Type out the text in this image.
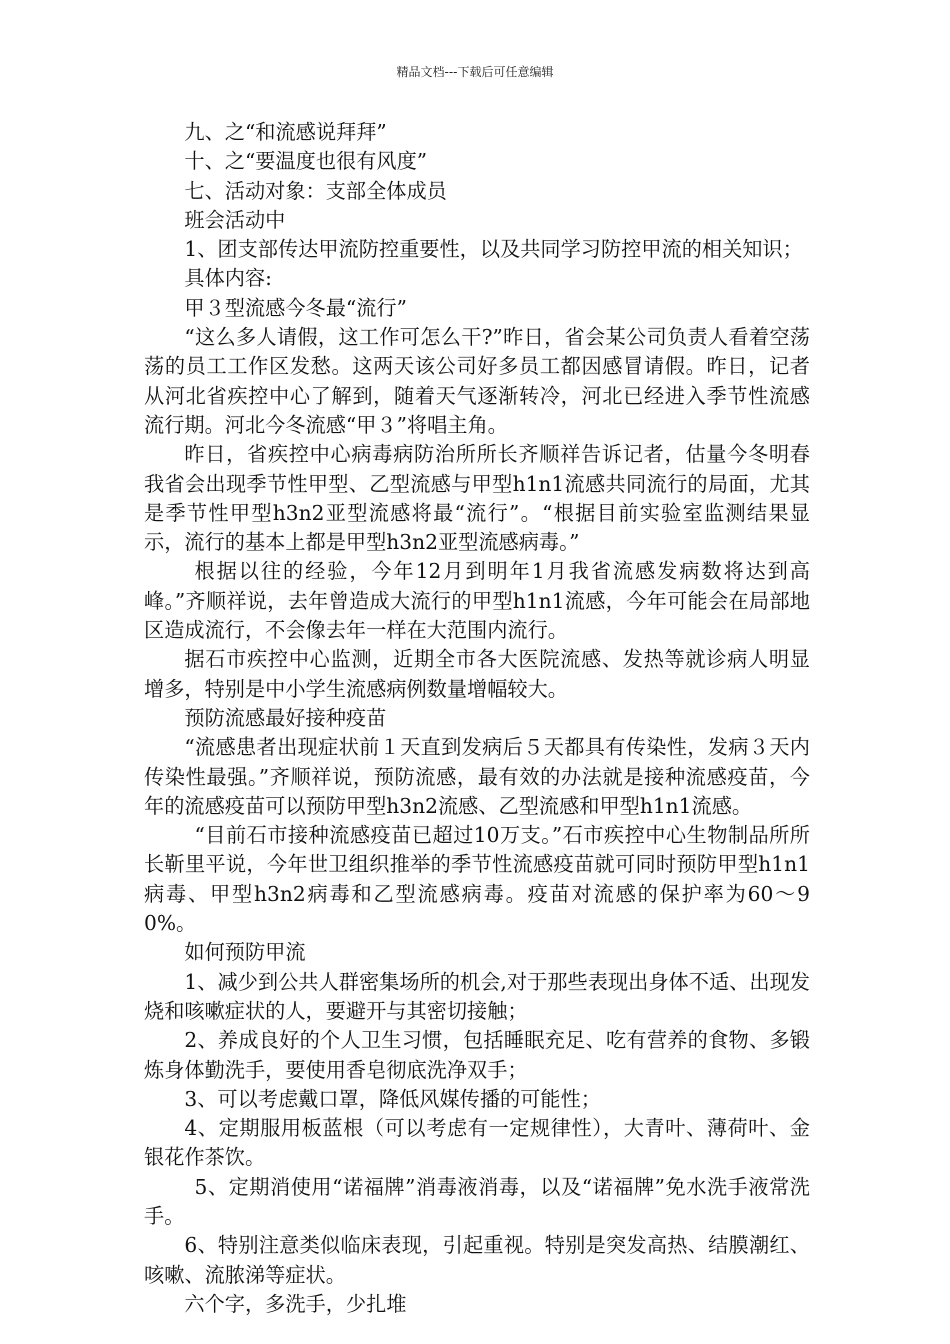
精品文档---下载后可任意编辑

九、之“和流感说拜拜”

十、之“要温度也很有风度”

七、活动对象：支部全体成员

班会活动中

1、团支部传达甲流防控重要性，以及共同学习防控甲流的相关知识；

具体内容:

甲３型流感今冬最“流行”

“这么多人请假，这工作可怎么干?”昨日，省会某公司负责人看着空荡荡的员工工作区发愁。这两天该公司好多员工都因感冒请假。昨日，记者从河北省疾控中心了解到，随着天气逐渐转冷，河北已经进入季节性流感流行期。河北今冬流感“甲３”将唱主角。

昨日，省疾控中心病毒病防治所所长齐顺祥告诉记者，估量今冬明春我省会出现季节性甲型、乙型流感与甲型h1n1流感共同流行的局面，尤其是季节性甲型h3n2亚型流感将最“流行”。“根据目前实验室监测结果显示，流行的基本上都是甲型h3n2亚型流感病毒。”

根据以往的经验，今年12月到明年1月我省流感发病数将达到高峰。”齐顺祥说，去年曾造成大流行的甲型h1n1流感，今年可能会在局部地区造成流行，不会像去年一样在大范围内流行。

据石市疾控中心监测，近期全市各大医院流感、发热等就诊病人明显增多，特别是中小学生流感病例数量增幅较大。

预防流感最好接种疫苗

“流感患者出现症状前１天直到发病后５天都具有传染性，发病３天内传染性最强。”齐顺祥说，预防流感，最有效的办法就是接种流感疫苗，今年的流感疫苗可以预防甲型h3n2流感、乙型流感和甲型h1n1流感。

“目前石市接种流感疫苗已超过10万支。”石市疾控中心生物制品所所长靳里平说，今年世卫组织推举的季节性流感疫苗就可同时预防甲型h1n1病毒、甲型h3n2病毒和乙型流感病毒。疫苗对流感的保护率为60～90%。

如何预防甲流

1、减少到公共人群密集场所的机会,对于那些表现出身体不适、出现发烧和咳嗽症状的人，要避开与其密切接触；

2、养成良好的个人卫生习惯，包括睡眠充足、吃有营养的食物、多锻炼身体勤洗手，要使用香皂彻底洗净双手；

3、可以考虑戴口罩，降低风媒传播的可能性；

4、定期服用板蓝根（可以考虑有一定规律性），大青叶、薄荷叶、金银花作茶饮。

5、定期消使用“诺福牌”消毒液消毒，以及“诺福牌”免水洗手液常洗手。

6、特别注意类似临床表现，引起重视。特别是突发高热、结膜潮红、咳嗽、流脓涕等症状。

六个字，多洗手，少扎堆
